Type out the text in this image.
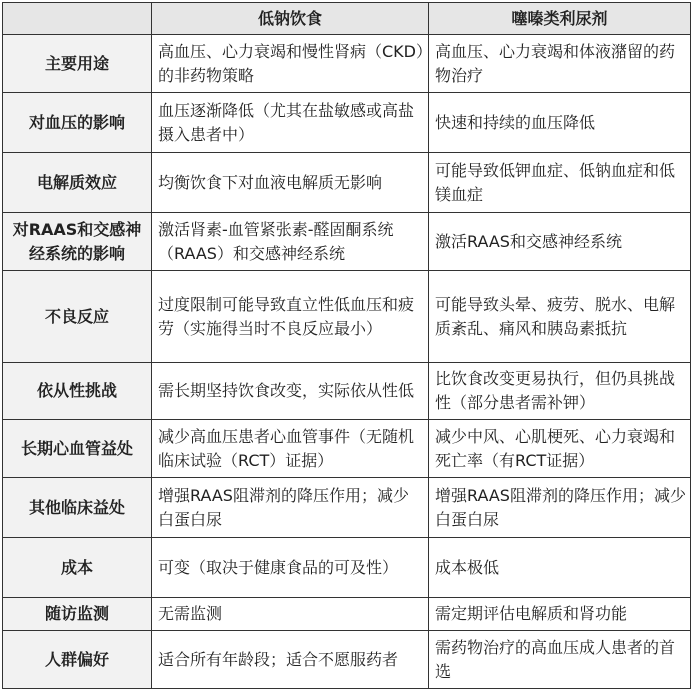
	低钠饮食	噻嗪类利尿剂
主要用途	高血压、心力衰竭和慢性肾病（CKD）的非药物策略	高血压、心力衰竭和体液潴留的药物治疗
对血压的影响	血压逐渐降低（尤其在盐敏感或高盐摄入患者中）	快速和持续的血压降低
电解质效应	均衡饮食下对血液电解质无影响	可能导致低钾血症、低钠血症和低镁血症
对RAAS和交感神经系统的影响	激活肾素-血管紧张素-醛固酮系统（RAAS）和交感神经系统	激活RAAS和交感神经系统
不良反应	过度限制可能导致直立性低血压和疲劳（实施得当时不良反应最小）	可能导致头晕、疲劳、脱水、电解质紊乱、痛风和胰岛素抵抗
依从性挑战	需长期坚持饮食改变，实际依从性低	比饮食改变更易执行，但仍具挑战性（部分患者需补钾）
长期心血管益处	减少高血压患者心血管事件（无随机临床试验（RCT）证据）	减少中风、心肌梗死、心力衰竭和死亡率（有RCT证据）
其他临床益处	增强RAAS阻滞剂的降压作用；减少白蛋白尿	增强RAAS阻滞剂的降压作用；减少白蛋白尿
成本	可变（取决于健康食品的可及性）	成本极低
随访监测	无需监测	需定期评估电解质和肾功能
人群偏好	适合所有年龄段；适合不愿服药者	需药物治疗的高血压成人患者的首选
